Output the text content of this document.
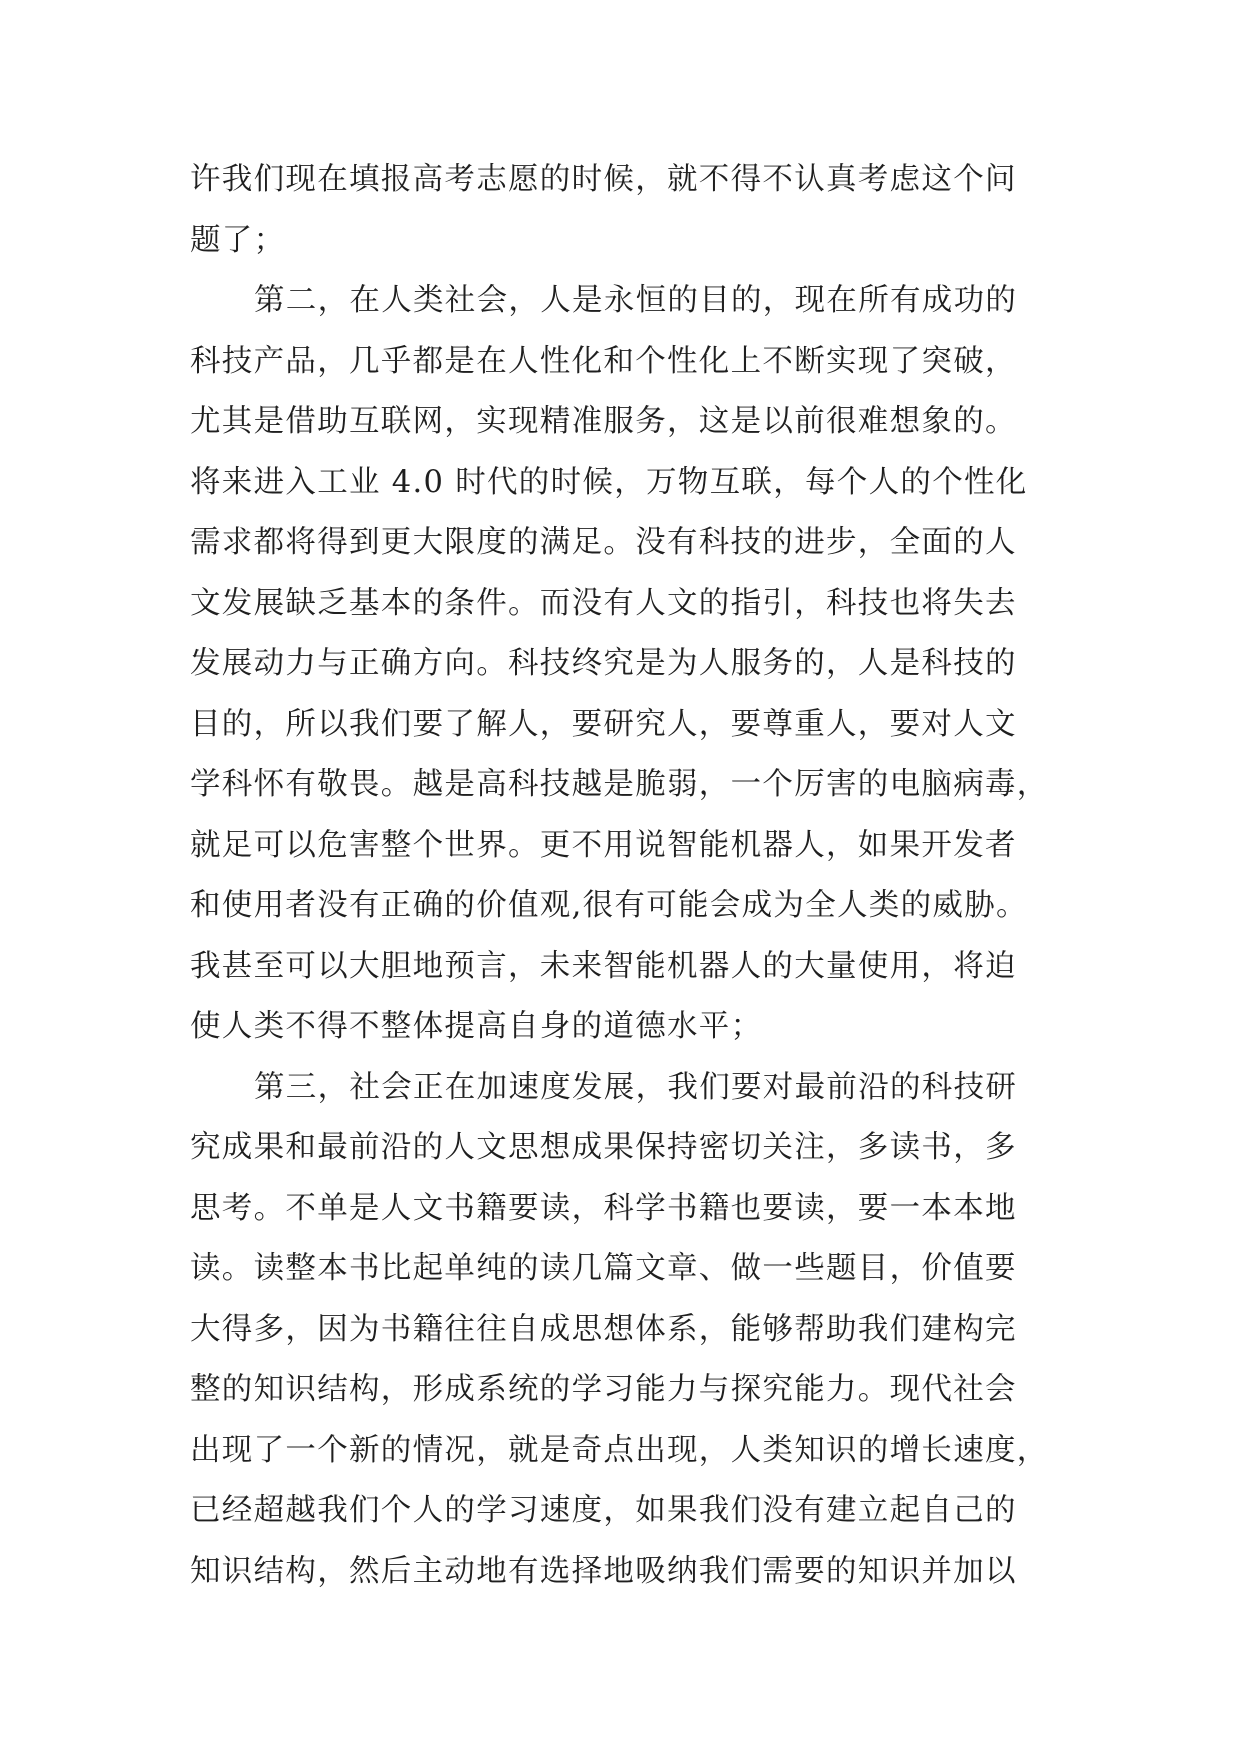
许我们现在填报高考志愿的时候，就不得不认真考虑这个问
题了；
第二，在人类社会，人是永恒的目的，现在所有成功的
科技产品，几乎都是在人性化和个性化上不断实现了突破，
尤其是借助互联网，实现精准服务，这是以前很难想象的。
将来进入工业 4.0 时代的时候，万物互联，每个人的个性化
需求都将得到更大限度的满足。没有科技的进步，全面的人
文发展缺乏基本的条件。而没有人文的指引，科技也将失去
发展动力与正确方向。科技终究是为人服务的，人是科技的
目的，所以我们要了解人，要研究人，要尊重人，要对人文
学科怀有敬畏。越是高科技越是脆弱，一个厉害的电脑病毒，
就足可以危害整个世界。更不用说智能机器人，如果开发者
和使用者没有正确的价值观,很有可能会成为全人类的威胁。
我甚至可以大胆地预言，未来智能机器人的大量使用，将迫
使人类不得不整体提高自身的道德水平；
第三，社会正在加速度发展，我们要对最前沿的科技研
究成果和最前沿的人文思想成果保持密切关注，多读书，多
思考。不单是人文书籍要读，科学书籍也要读，要一本本地
读。读整本书比起单纯的读几篇文章、做一些题目，价值要
大得多，因为书籍往往自成思想体系，能够帮助我们建构完
整的知识结构，形成系统的学习能力与探究能力。现代社会
出现了一个新的情况，就是奇点出现，人类知识的增长速度，
已经超越我们个人的学习速度，如果我们没有建立起自己的
知识结构，然后主动地有选择地吸纳我们需要的知识并加以
